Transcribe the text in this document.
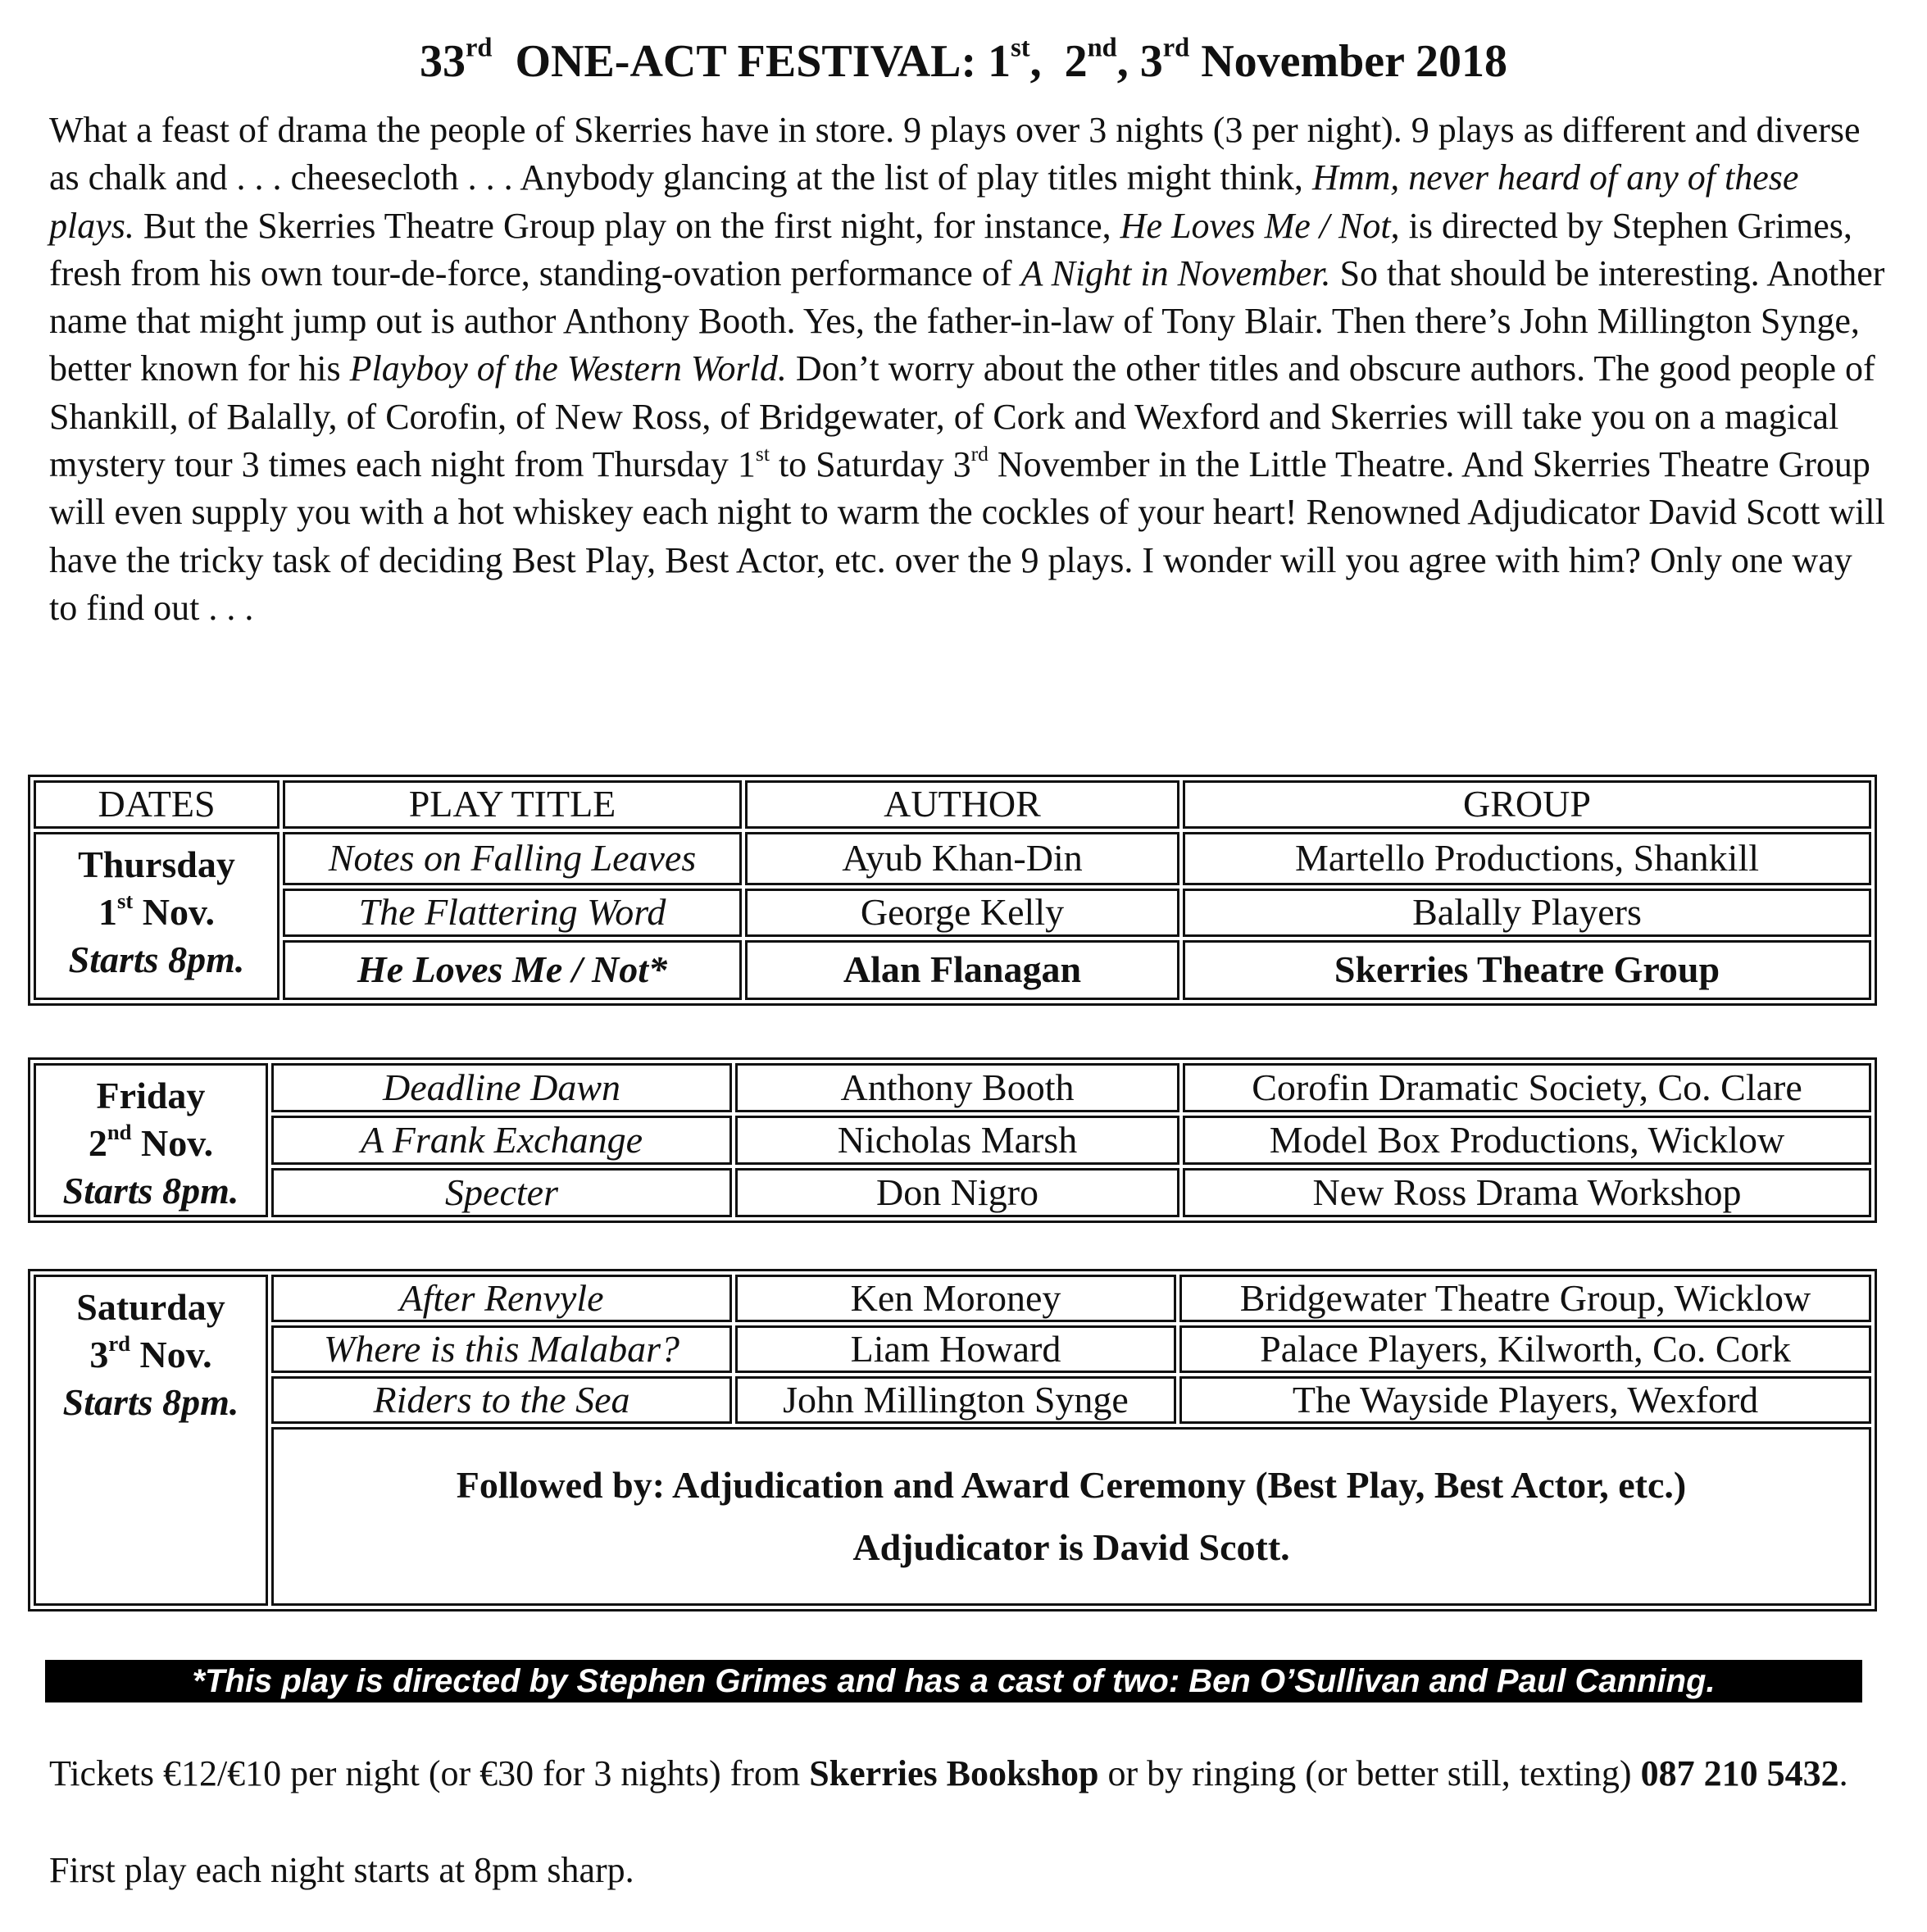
33rd ONE-ACT FESTIVAL: 1st,  2nd, 3rd November 2018

What a feast of drama the people of Skerries have in store. 9 plays over 3 nights (3 per night). 9 plays as different and diverse as chalk and . . . cheesecloth . . . Anybody glancing at the list of play titles might think, Hmm, never heard of any of these plays. But the Skerries Theatre Group play on the first night, for instance, He Loves Me / Not, is directed by Stephen Grimes, fresh from his own tour-de-force, standing-ovation performance of A Night in November. So that should be interesting. Another name that might jump out is author Anthony Booth. Yes, the father-in-law of Tony Blair. Then there’s John Millington Synge, better known for his Playboy of the Western World. Don’t worry about the other titles and obscure authors. The good people of Shankill, of Balally, of Corofin, of New Ross, of Bridgewater, of Cork and Wexford and Skerries will take you on a magical mystery tour 3 times each night from Thursday 1st to Saturday 3rd November in the Little Theatre. And Skerries Theatre Group will even supply you with a hot whiskey each night to warm the cockles of your heart! Renowned Adjudicator David Scott will have the tricky task of deciding Best Play, Best Actor, etc. over the 9 plays. I wonder will you agree with him? Only one way to find out . . .

DATES	PLAY TITLE	AUTHOR	GROUP
Thursday
1st Nov.
Starts 8pm.	Notes on Falling Leaves	Ayub Khan-Din	Martello Productions, Shankill
	The Flattering Word	George Kelly	Balally Players
	He Loves Me / Not*	Alan Flanagan	Skerries Theatre Group
Friday
2nd Nov.
Starts 8pm.	Deadline Dawn	Anthony Booth	Corofin Dramatic Society, Co. Clare
	A Frank Exchange	Nicholas Marsh	Model Box Productions, Wicklow
	Specter	Don Nigro	New Ross Drama Workshop
Saturday
3rd Nov.
Starts 8pm.	After Renvyle	Ken Moroney	Bridgewater Theatre Group, Wicklow
	Where is this Malabar?	Liam Howard	Palace Players, Kilworth, Co. Cork
	Riders to the Sea	John Millington Synge	The Wayside Players, Wexford

	Followed by: Adjudication and Award Ceremony (Best Play, Best Actor, etc.)
Adjudicator is David Scott.		
*This play is directed by Stephen Grimes and has a cast of two: Ben O’Sullivan and Paul Canning.

Tickets €12/€10 per night (or €30 for 3 nights) from Skerries Bookshop or by ringing (or better still, texting) 087 210 5432.

First play each night starts at 8pm sharp.
